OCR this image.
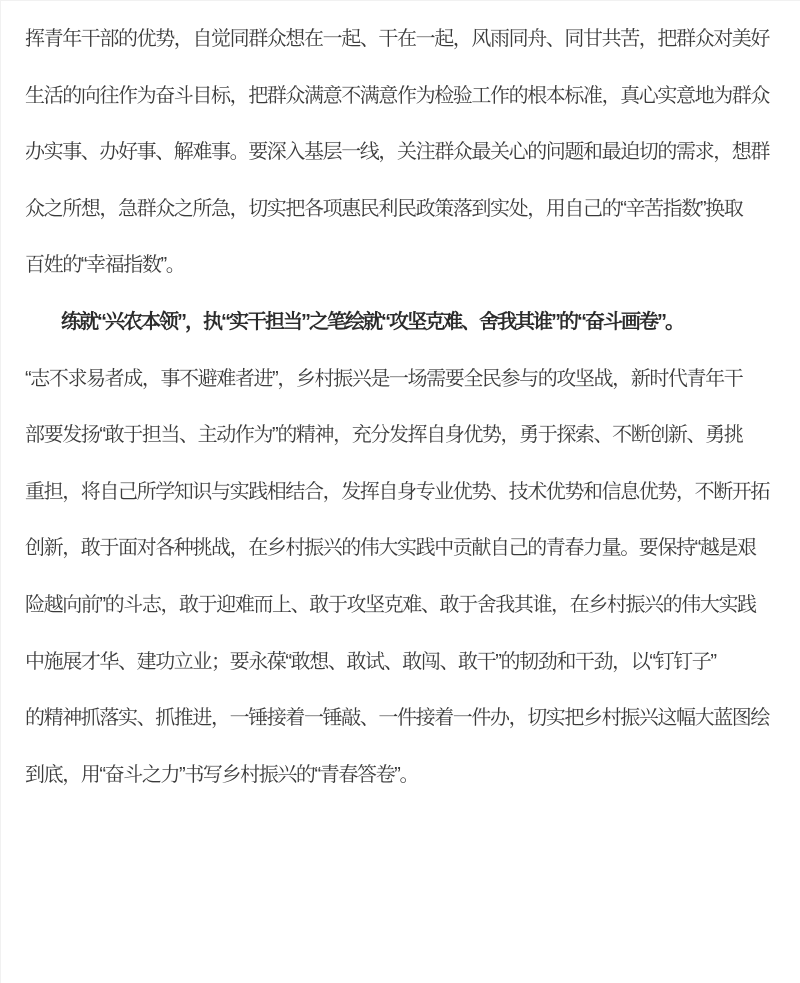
挥青年干部的优势，自觉同群众想在一起、干在一起，风雨同舟、同甘共苦，把群众对美好
生活的向往作为奋斗目标，把群众满意不满意作为检验工作的根本标准，真心实意地为群众
办实事、办好事、解难事。要深入基层一线，关注群众最关心的问题和最迫切的需求，想群
众之所想，急群众之所急，切实把各项惠民利民政策落到实处，用自己的“辛苦指数”换取
百姓的“幸福指数”。
练就“兴农本领”，执“实干担当”之笔绘就“攻坚克难、舍我其谁”的“奋斗画卷”。
“志不求易者成，事不避难者进”，乡村振兴是一场需要全民参与的攻坚战，新时代青年干
部要发扬“敢于担当、主动作为”的精神，充分发挥自身优势，勇于探索、不断创新、勇挑
重担，将自己所学知识与实践相结合，发挥自身专业优势、技术优势和信息优势，不断开拓
创新，敢于面对各种挑战，在乡村振兴的伟大实践中贡献自己的青春力量。要保持“越是艰
险越向前”的斗志，敢于迎难而上、敢于攻坚克难、敢于舍我其谁，在乡村振兴的伟大实践
中施展才华、建功立业；要永葆“敢想、敢试、敢闯、敢干”的韧劲和干劲，以“钉钉子”
的精神抓落实、抓推进，一锤接着一锤敲、一件接着一件办，切实把乡村振兴这幅大蓝图绘
到底，用“奋斗之力”书写乡村振兴的“青春答卷”。
